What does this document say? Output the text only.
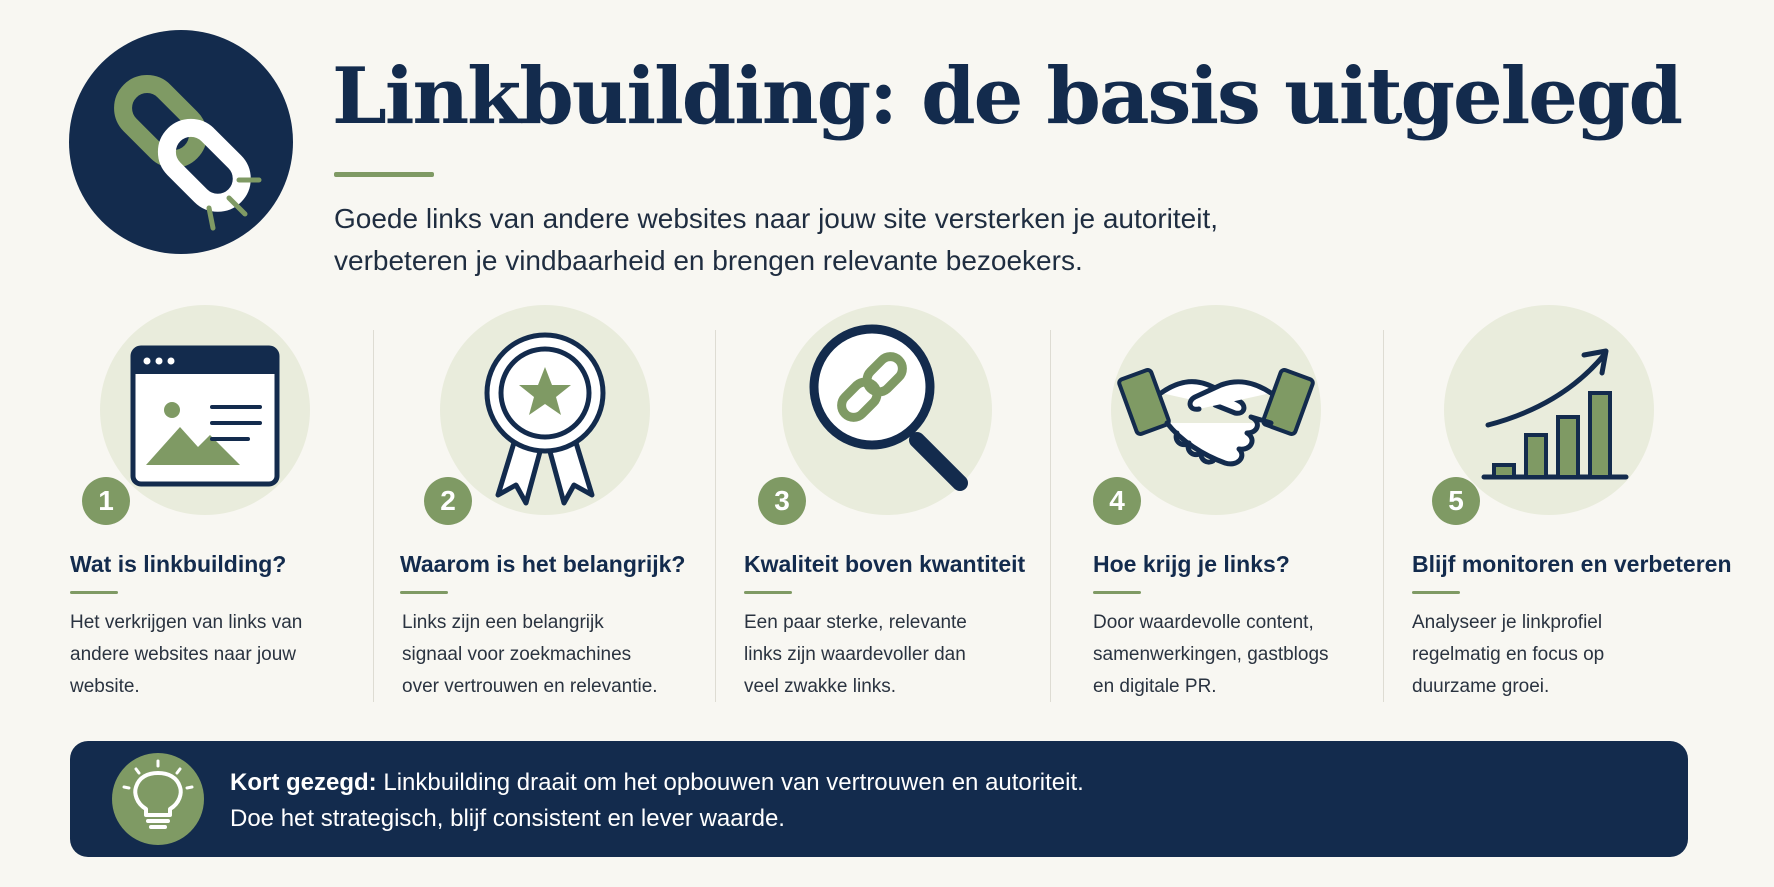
Linkbuilding: de basis uitgelegd
Goede links van andere websites naar jouw site versterken je autoriteit,
verbeteren je vindbaarheid en brengen relevante bezoekers.
1
Wat is linkbuilding?
Het verkrijgen van links van
andere websites naar jouw
website.
2
Waarom is het belangrijk?
Links zijn een belangrijk
signaal voor zoekmachines
over vertrouwen en relevantie.
3
Kwaliteit boven kwantiteit
Een paar sterke, relevante
links zijn waardevoller dan
veel zwakke links.
4
Hoe krijg je links?
Door waardevolle content,
samenwerkingen, gastblogs
en digitale PR.
5
Blijf monitoren en verbeteren
Analyseer je linkprofiel
regelmatig en focus op
duurzame groei.
Kort gezegd: Linkbuilding draait om het opbouwen van vertrouwen en autoriteit.
Doe het strategisch, blijf consistent en lever waarde.
